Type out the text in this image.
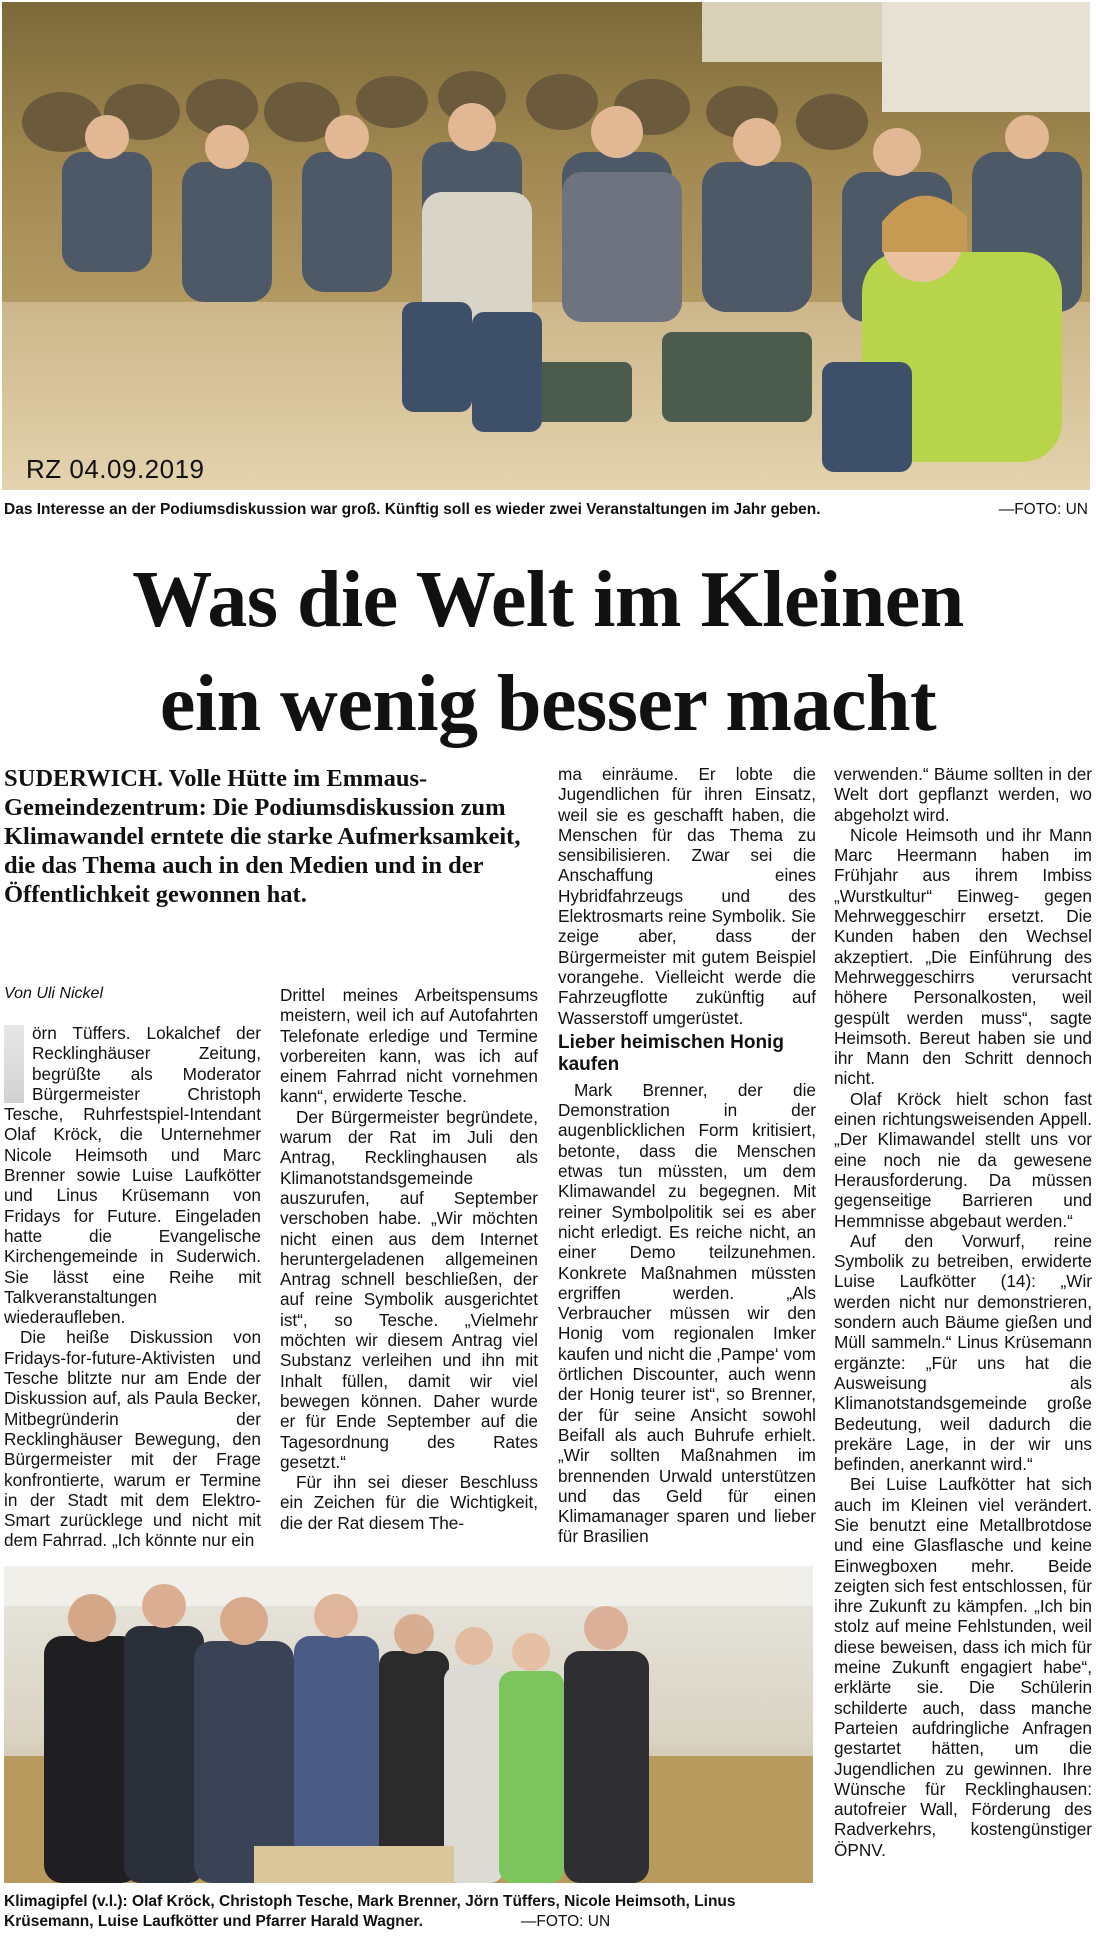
RZ 04.09.2019
Das Interesse an der Podiumsdiskussion war groß. Künftig soll es wieder zwei Veranstaltungen im Jahr geben.	—FOTO: UN
Was die Welt im Kleinen
ein wenig besser macht
SUDERWICH. Volle Hütte im Emmaus-Gemeindezentrum: Die Podiumsdiskussion zum Klimawandel erntete die starke Aufmerksamkeit, die das Thema auch in den Medien und in der Öffentlichkeit gewonnen hat.
Von Uli Nickel

örn Tüffers. Lokalchef der Recklinghäuser Zeitung, begrüßte als Moderator Bürgermeister Christoph Tesche, Ruhrfestspiel-Intendant Olaf Kröck, die Unternehmer Nicole Heimsoth und Marc Brenner sowie Luise Laufkötter und Linus Krüsemann von Fridays for Future. Eingeladen hatte die Evangelische Kirchengemeinde in Suderwich. Sie lässt eine Reihe mit Talkveranstaltungen wiederaufleben.

Die heiße Diskussion von Fridays-for-future-Aktivisten und Tesche blitzte nur am Ende der Diskussion auf, als Paula Becker, Mitbegründerin der Recklinghäuser Bewegung, den Bürgermeister mit der Frage konfrontierte, warum er Termine in der Stadt mit dem Elektro-Smart zurücklege und nicht mit dem Fahrrad. „Ich könnte nur ein

Drittel meines Arbeitspensums meistern, weil ich auf Autofahrten Telefonate erledige und Termine vorbereiten kann, was ich auf einem Fahrrad nicht vornehmen kann“, erwiderte Tesche.

Der Bürgermeister begründete, warum der Rat im Juli den Antrag, Recklinghausen als Klimanotstandsgemeinde auszurufen, auf September verschoben habe. „Wir möchten nicht einen aus dem Internet heruntergeladenen allgemeinen Antrag schnell beschließen, der auf reine Symbolik ausgerichtet ist“, so Tesche. „Vielmehr möchten wir diesem Antrag viel Substanz verleihen und ihn mit Inhalt füllen, damit wir viel bewegen können. Daher wurde er für Ende September auf die Tagesordnung des Rates gesetzt.“

Für ihn sei dieser Beschluss ein Zeichen für die Wichtigkeit, die der Rat diesem The-

ma einräume. Er lobte die Jugendlichen für ihren Einsatz, weil sie es geschafft haben, die Menschen für das Thema zu sensibilisieren. Zwar sei die Anschaffung eines Hybridfahrzeugs und des Elektrosmarts reine Symbolik. Sie zeige aber, dass der Bürgermeister mit gutem Beispiel vorangehe. Vielleicht werde die Fahrzeugflotte zukünftig auf Wasserstoff umgerüstet.

Lieber heimischen Honig kaufen

Mark Brenner, der die Demonstration in der augenblicklichen Form kritisiert, betonte, dass die Menschen etwas tun müssten, um dem Klimawandel zu begegnen. Mit reiner Symbolpolitik sei es aber nicht erledigt. Es reiche nicht, an einer Demo teilzunehmen. Konkrete Maßnahmen müssten ergriffen werden. „Als Verbraucher müssen wir den Honig vom regionalen Imker kaufen und nicht die ‚Pampe‘ vom örtlichen Discounter, auch wenn der Honig teurer ist“, so Brenner, der für seine Ansicht sowohl Beifall als auch Buhrufe erhielt. „Wir sollten Maßnahmen im brennenden Urwald unterstützen und das Geld für einen Klimamanager sparen und lieber für Brasilien

verwenden.“ Bäume sollten in der Welt dort gepflanzt werden, wo abgeholzt wird.

Nicole Heimsoth und ihr Mann Marc Heermann haben im Frühjahr aus ihrem Imbiss „Wurstkultur“ Einweg- gegen Mehrweggeschirr ersetzt. Die Kunden haben den Wechsel akzeptiert. „Die Einführung des Mehrweggeschirrs verursacht höhere Personalkosten, weil gespült werden muss“, sagte Heimsoth. Bereut haben sie und ihr Mann den Schritt dennoch nicht.

Olaf Kröck hielt schon fast einen richtungsweisenden Appell. „Der Klimawandel stellt uns vor eine noch nie da gewesene Herausforderung. Da müssen gegenseitige Barrieren und Hemmnisse abgebaut werden.“

Auf den Vorwurf, reine Symbolik zu betreiben, erwiderte Luise Laufkötter (14): „Wir werden nicht nur demonstrieren, sondern auch Bäume gießen und Müll sammeln.“ Linus Krüsemann ergänzte: „Für uns hat die Ausweisung als Klimanotstandsgemeinde große Bedeutung, weil dadurch die prekäre Lage, in der wir uns befinden, anerkannt wird.“

Bei Luise Laufkötter hat sich auch im Kleinen viel verändert. Sie benutzt eine Metallbrotdose und eine Glasflasche und keine Einwegboxen mehr. Beide zeigten sich fest entschlossen, für ihre Zukunft zu kämpfen. „Ich bin stolz auf meine Fehlstunden, weil diese beweisen, dass ich mich für meine Zukunft engagiert habe“, erklärte sie. Die Schülerin schilderte auch, dass manche Parteien aufdringliche Anfragen gestartet hätten, um die Jugendlichen zu gewinnen. Ihre Wünsche für Recklinghausen: autofreier Wall, Förderung des Radverkehrs, kostengünstiger ÖPNV.

Klimagipfel (v.l.): Olaf Kröck, Christoph Tesche, Mark Brenner, Jörn Tüffers, Nicole Heimsoth, Linus Krüsemann, Luise Laufkötter und Pfarrer Harald Wagner.	—FOTO: UN
